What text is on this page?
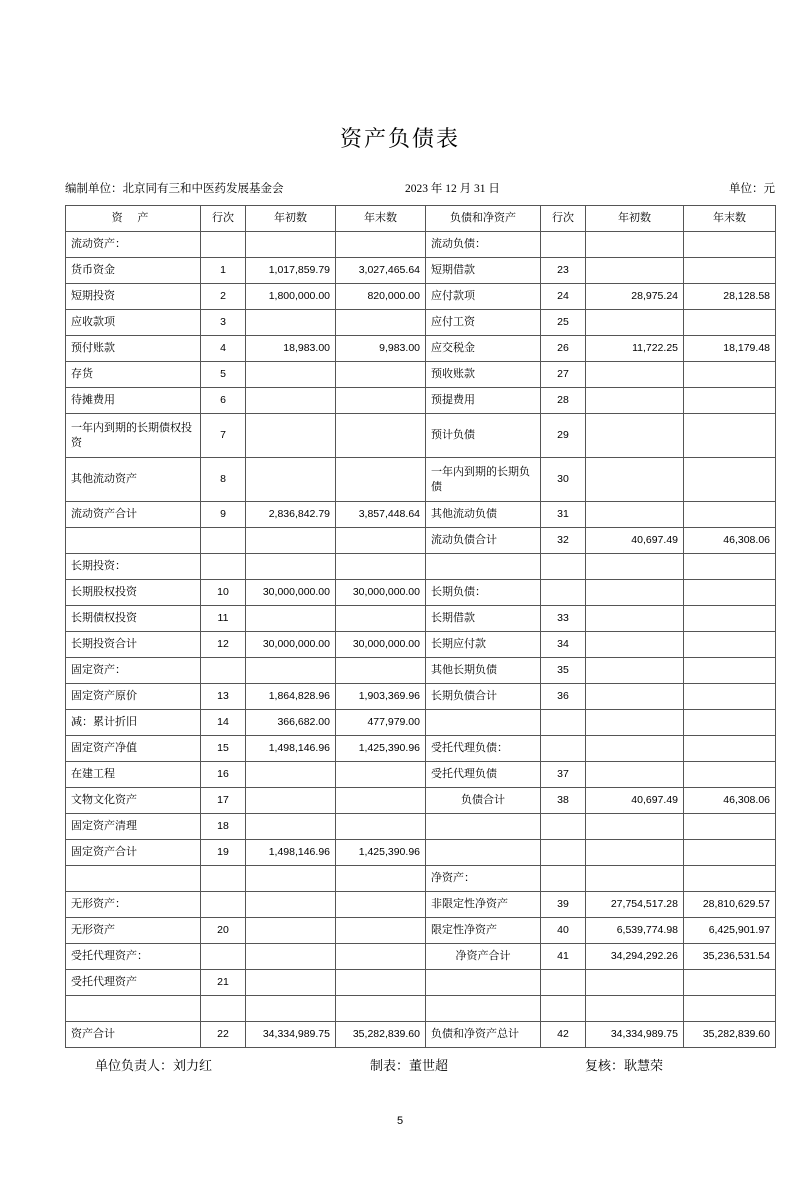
资产负债表
编制单位：北京同有三和中医药发展基金会	2023 年 12 月 31 日	单位：元
资 产	行次	年初数	年末数	负债和净资产	行次	年初数	年末数
流动资产：				流动负债：			
货币资金	1	1,017,859.79	3,027,465.64	短期借款	23		
短期投资	2	1,800,000.00	820,000.00	应付款项	24	28,975.24	28,128.58
应收款项	3			应付工资	25		
预付账款	4	18,983.00	9,983.00	应交税金	26	11,722.25	18,179.48
存货	5			预收账款	27		
待摊费用	6			预提费用	28		
一年内到期的长期债权投资	7			预计负债	29		
其他流动资产	8			一年内到期的长期负债	30		
流动资产合计	9	2,836,842.79	3,857,448.64	其他流动负债	31		
				流动负债合计	32	40,697.49	46,308.06
长期投资：							
长期股权投资	10	30,000,000.00	30,000,000.00	长期负债：			
长期债权投资	11			长期借款	33		
长期投资合计	12	30,000,000.00	30,000,000.00	长期应付款	34		
固定资产：				其他长期负债	35		
固定资产原价	13	1,864,828.96	1,903,369.96	长期负债合计	36		
减：累计折旧	14	366,682.00	477,979.00				
固定资产净值	15	1,498,146.96	1,425,390.96	受托代理负债：			
在建工程	16			受托代理负债	37		
文物文化资产	17			负债合计	38	40,697.49	46,308.06
固定资产清理	18						
固定资产合计	19	1,498,146.96	1,425,390.96				
				净资产：			
无形资产：				非限定性净资产	39	27,754,517.28	28,810,629.57
无形资产	20			限定性净资产	40	6,539,774.98	6,425,901.97
受托代理资产：				净资产合计	41	34,294,292.26	35,236,531.54
受托代理资产	21						

资产合计	22	34,334,989.75	35,282,839.60	负债和净资产总计	42	34,334,989.75	35,282,839.60
单位负责人：刘力红	制表：董世超	复核：耿慧荣
5
